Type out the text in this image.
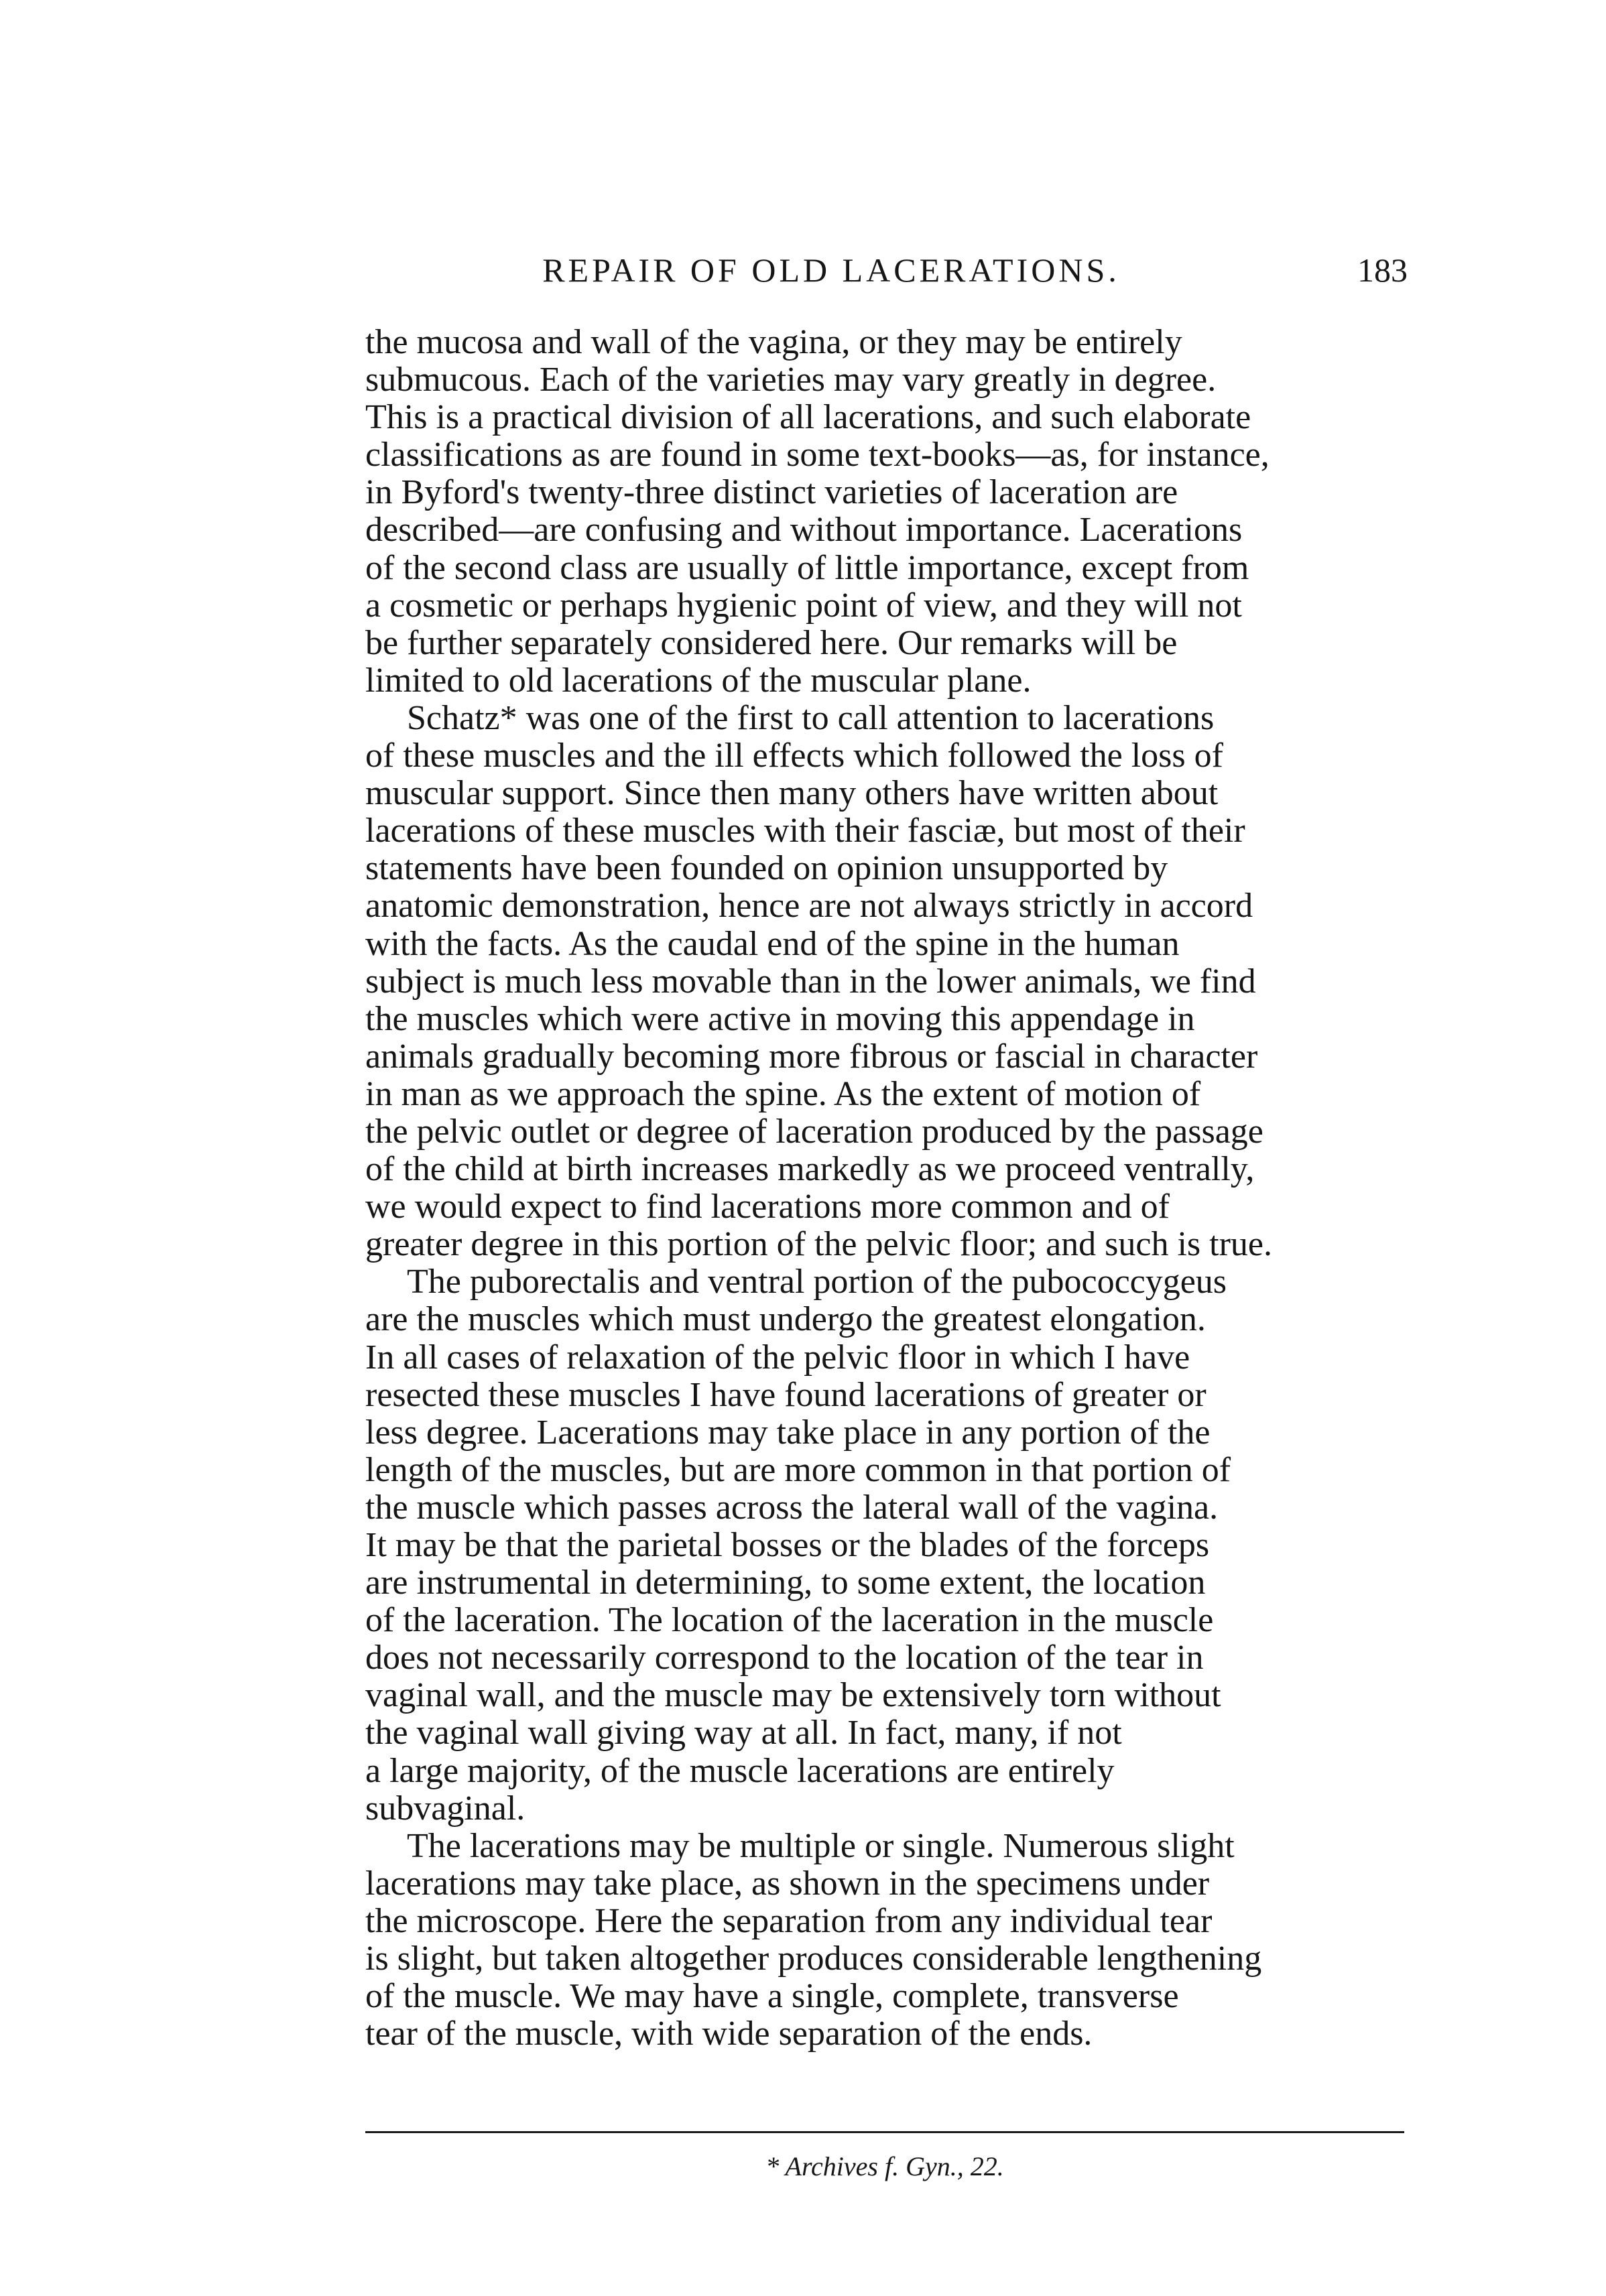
REPAIR OF OLD LACERATIONS.	183
the mucosa and wall of the vagina, or they may be entirely
submucous. Each of the varieties may vary greatly in degree.
This is a practical division of all lacerations, and such elaborate
classifications as are found in some text-books—as, for instance,
in Byford's twenty-three distinct varieties of laceration are
described—are confusing and without importance. Lacerations
of the second class are usually of little importance, except from
a cosmetic or perhaps hygienic point of view, and they will not
be further separately considered here. Our remarks will be
limited to old lacerations of the muscular plane.
Schatz* was one of the first to call attention to lacerations
of these muscles and the ill effects which followed the loss of
muscular support. Since then many others have written about
lacerations of these muscles with their fasciæ, but most of their
statements have been founded on opinion unsupported by
anatomic demonstration, hence are not always strictly in accord
with the facts. As the caudal end of the spine in the human
subject is much less movable than in the lower animals, we find
the muscles which were active in moving this appendage in
animals gradually becoming more fibrous or fascial in character
in man as we approach the spine. As the extent of motion of
the pelvic outlet or degree of laceration produced by the passage
of the child at birth increases markedly as we proceed ventrally,
we would expect to find lacerations more common and of
greater degree in this portion of the pelvic floor; and such is true.
The puborectalis and ventral portion of the pubococcygeus
are the muscles which must undergo the greatest elongation.
In all cases of relaxation of the pelvic floor in which I have
resected these muscles I have found lacerations of greater or
less degree. Lacerations may take place in any portion of the
length of the muscles, but are more common in that portion of
the muscle which passes across the lateral wall of the vagina.
It may be that the parietal bosses or the blades of the forceps
are instrumental in determining, to some extent, the location
of the laceration. The location of the laceration in the muscle
does not necessarily correspond to the location of the tear in
vaginal wall, and the muscle may be extensively torn without
the vaginal wall giving way at all. In fact, many, if not
a large majority, of the muscle lacerations are entirely
subvaginal.
The lacerations may be multiple or single. Numerous slight
lacerations may take place, as shown in the specimens under
the microscope. Here the separation from any individual tear
is slight, but taken altogether produces considerable lengthening
of the muscle. We may have a single, complete, transverse
tear of the muscle, with wide separation of the ends.
* Archives f. Gyn., 22.
